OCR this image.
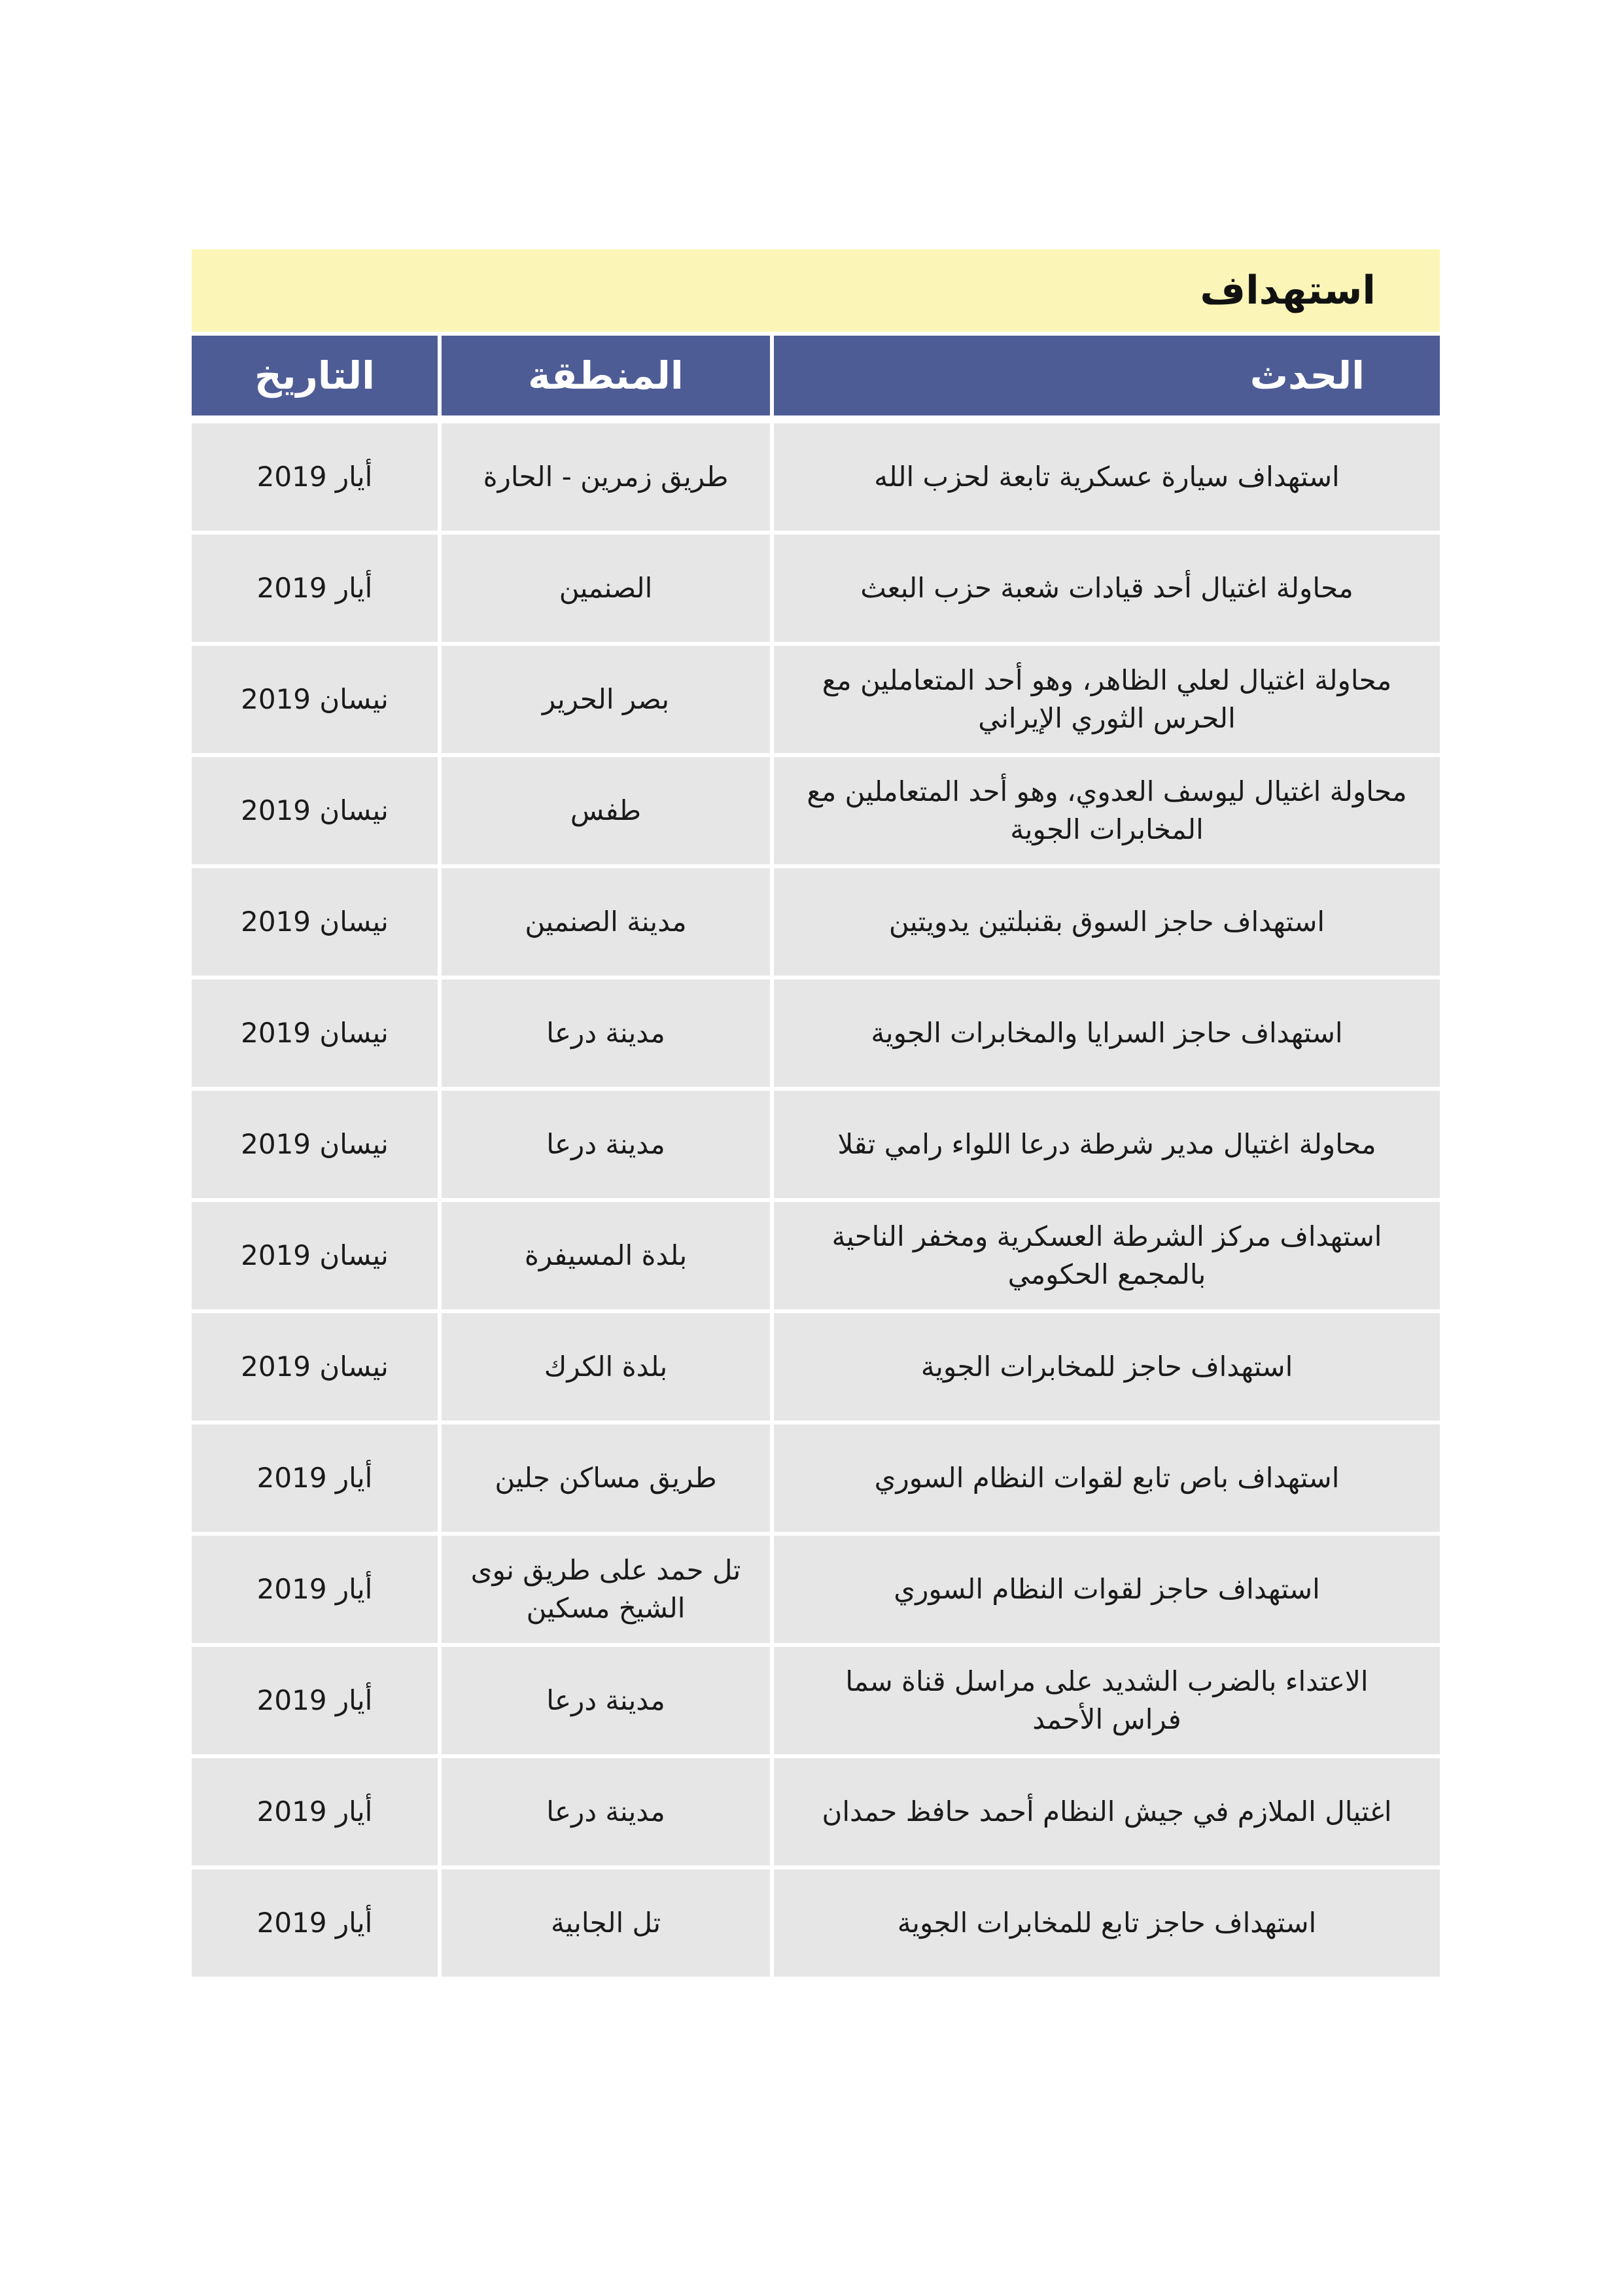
استهداف
الحدث	المنطقة	التاريخ

استهداف سيارة عسكرية تابعة لحزب الله	طريق زمرين - الحارة	أيار 2019
محاولة اغتيال أحد قيادات شعبة حزب البعث	الصنمين	أيار 2019
محاولة اغتيال لعلي الظاهر، وهو أحد المتعاملين مع الحرس الثوري الإيراني	بصر الحرير	نيسان 2019
محاولة اغتيال ليوسف العدوي، وهو أحد المتعاملين مع المخابرات الجوية	طفس	نيسان 2019
استهداف حاجز السوق بقنبلتين يدويتين	مدينة الصنمين	نيسان 2019
استهداف حاجز السرايا والمخابرات الجوية	مدينة درعا	نيسان 2019
محاولة اغتيال مدير شرطة درعا اللواء رامي تقلا	مدينة درعا	نيسان 2019
استهداف مركز الشرطة العسكرية ومخفر الناحية بالمجمع الحكومي	بلدة المسيفرة	نيسان 2019
استهداف حاجز للمخابرات الجوية	بلدة الكرك	نيسان 2019
استهداف باص تابع لقوات النظام السوري	طريق مساكن جلين	أيار 2019
استهداف حاجز لقوات النظام السوري	تل حمد على طريق نوى الشيخ مسكين	أيار 2019
الاعتداء بالضرب الشديد على مراسل قناة سما فراس الأحمد	مدينة درعا	أيار 2019
اغتيال الملازم في جيش النظام أحمد حافظ حمدان	مدينة درعا	أيار 2019
استهداف حاجز تابع للمخابرات الجوية	تل الجابية	أيار 2019
